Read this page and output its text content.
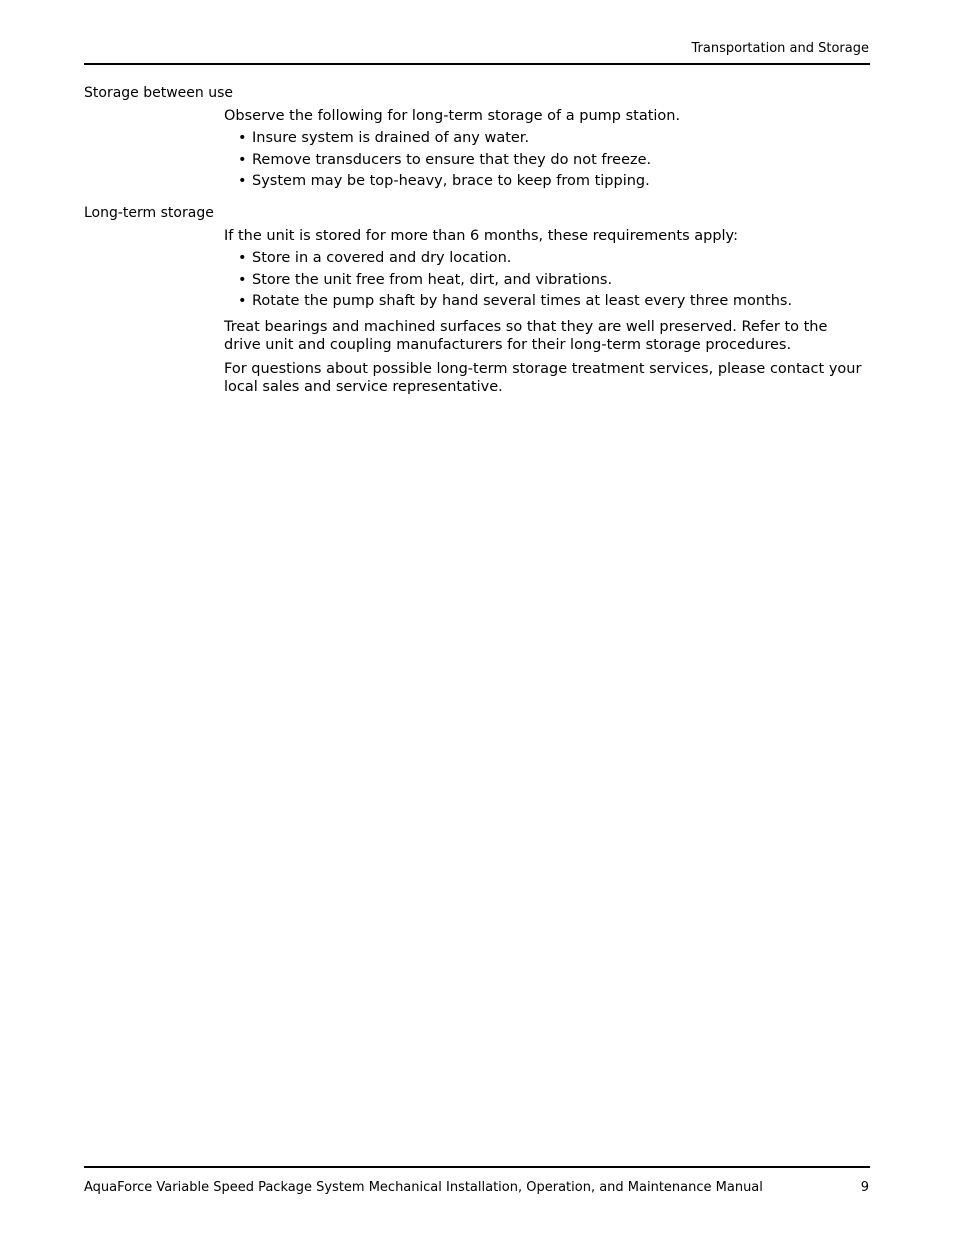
Transportation and Storage
Storage between use

Observe the following for long-term storage of a pump station.

• Insure system is drained of any water.
• Remove transducers to ensure that they do not freeze.
• System may be top-heavy, brace to keep from tipping.
Long-term storage

If the unit is stored for more than 6 months, these requirements apply:

• Store in a covered and dry location.
• Store the unit free from heat, dirt, and vibrations.
• Rotate the pump shaft by hand several times at least every three months.

Treat bearings and machined surfaces so that they are well preserved. Refer to the drive unit and coupling manufacturers for their long-term storage procedures.

For questions about possible long-term storage treatment services, please contact your local sales and service representative.

AquaForce Variable Speed Package System Mechanical Installation, Operation, and Maintenance Manual	9
